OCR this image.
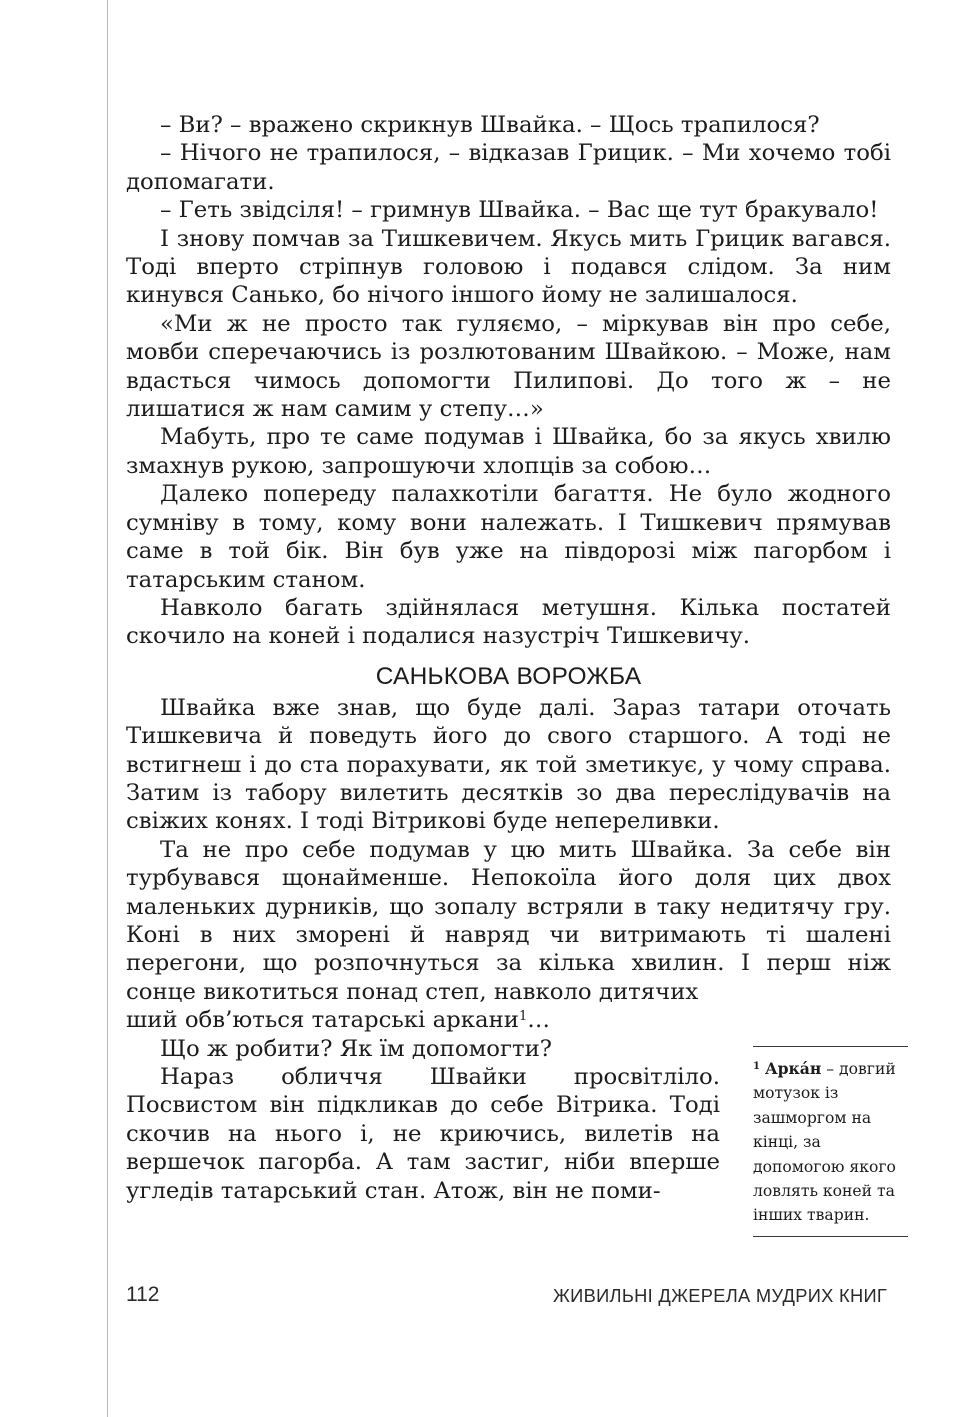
– Ви? – вражено скрикнув Швайка. – Щось трапилося?

– Нічого не трапилося, – відказав Грицик. – Ми хочемо тобі допомагати.

– Геть звідсіля! – гримнув Швайка. – Вас ще тут бракувало!

І знову помчав за Тишкевичем. Якусь мить Грицик вагався. Тоді вперто стріпнув головою і подався слідом. За ним кинувся Санько, бо нічого іншого йому не залишалося.

«Ми ж не просто так гуляємо, – міркував він про себе, мовби сперечаючись із розлютованим Швайкою. – Може, нам вдасться чимось допомогти Пилипові. До того ж – не лишатися ж нам самим у степу…»

Мабуть, про те саме подумав і Швайка, бо за якусь хвилю змахнув рукою, запрошуючи хлопців за собою…

Далеко попереду палахкотіли багаття. Не було жодного сумніву в тому, кому вони належать. І Тишкевич прямував саме в той бік. Він був уже на півдорозі між пагорбом і татарським станом.

Навколо багать здійнялася метушня. Кілька постатей скочило на коней і подалися назустріч Тишкевичу.

САНЬКОВА ВОРОЖБА

Швайка вже знав, що буде далі. Зараз татари оточать Тишкевича й поведуть його до свого старшого. А тоді не встигнеш і до ста порахувати, як той зметикує, у чому справа. Затим із табору вилетить десятків зо два переслідувачів на свіжих конях. І тоді Вітрикові буде непереливки.

Та не про себе подумав у цю мить Швайка. За себе він турбувався щонайменше. Непокоїла його доля цих двох маленьких дурників, що зопалу встряли в таку недитячу гру. Коні в них зморені й навряд чи витримають ті шалені перегони, що розпочнуться за кілька хвилин. І перш ніж

сонце викотиться понад степ, навколо дитячих
ший обв’ються татарські аркани$^1$…

Що ж робити? Як їм допомогти?

Нараз обличчя Швайки просвітліло. Посвистом він підкликав до себе Вітрика. Тоді скочив на нього і, не криючись, вилетів на вершечок пагорба. А там застиг, ніби вперше угледів татарський стан. Атож, він не поми-

$^1$ Арка́н – довгий мотузок із зашморгом на кінці, за допомогою якого ловлять коней та інших тварин.
112	ЖИВИЛЬНІ ДЖЕРЕЛА МУДРИХ КНИГ
